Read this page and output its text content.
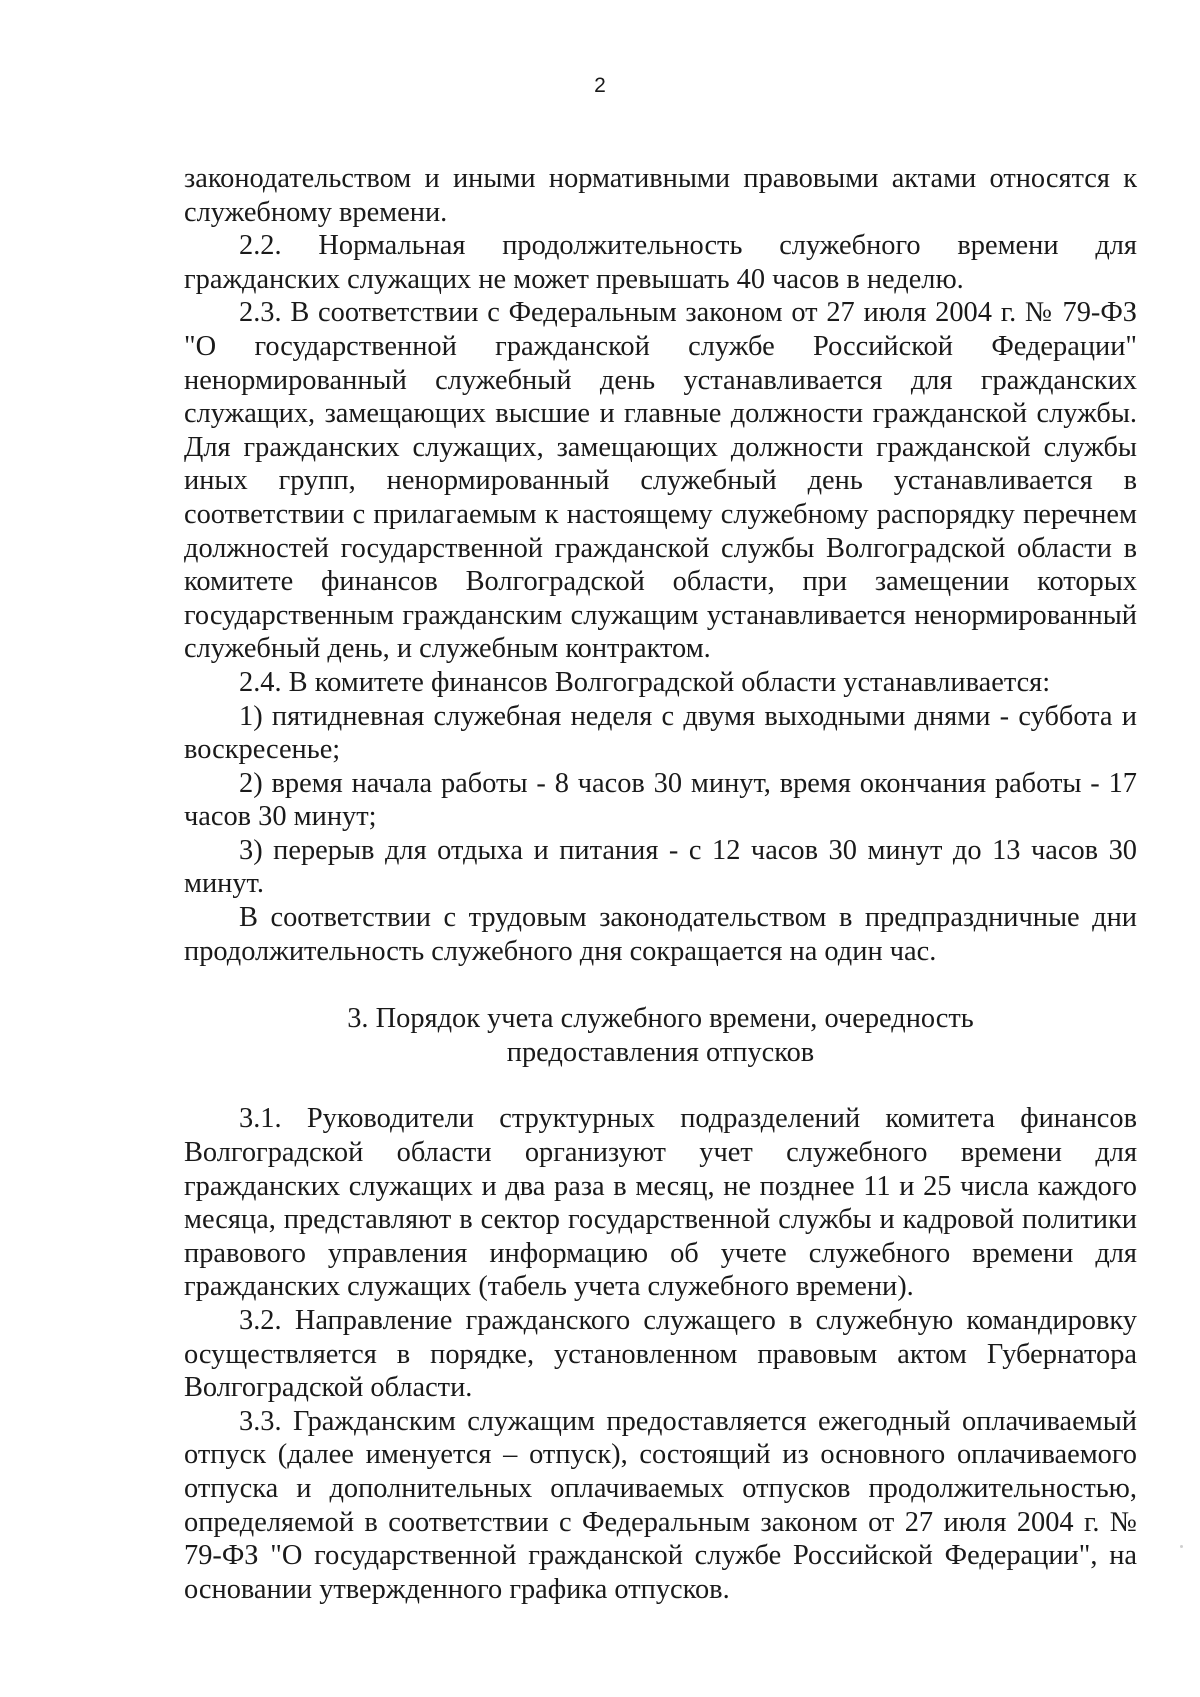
2

законодательством и иными нормативными правовыми актами относятся к служебному времени.

2.2. Нормальная продолжительность служебного времени для гражданских служащих не может превышать 40 часов в неделю.

2.3. В соответствии с Федеральным законом от 27 июля 2004 г. № 79-ФЗ "О государственной гражданской службе Российской Федерации" ненормированный служебный день устанавливается для гражданских служащих, замещающих высшие и главные должности гражданской службы. Для гражданских служащих, замещающих должности гражданской службы иных групп, ненормированный служебный день устанавливается в соответствии с прилагаемым к настоящему служебному распорядку перечнем должностей государственной гражданской службы Волгоградской области в комитете финансов Волгоградской области, при замещении которых государственным гражданским служащим устанавливается ненормированный служебный день, и служебным контрактом.

2.4. В комитете финансов Волгоградской области устанавливается:

1) пятидневная служебная неделя с двумя выходными днями - суббота и воскресенье;

2) время начала работы - 8 часов 30 минут, время окончания работы - 17 часов 30 минут;

3) перерыв для отдыха и питания - с 12 часов 30 минут до 13 часов 30 минут.

В соответствии с трудовым законодательством в предпраздничные дни продолжительность служебного дня сокращается на один час.

3. Порядок учета служебного времени, очередность
предоставления отпусков

3.1. Руководители структурных подразделений комитета финансов Волгоградской области организуют учет служебного времени для гражданских служащих и два раза в месяц, не позднее 11 и 25 числа каждого месяца, представляют в сектор государственной службы и кадровой политики правового управления информацию об учете служебного времени для гражданских служащих (табель учета служебного времени).

3.2. Направление гражданского служащего в служебную командировку осуществляется в порядке, установленном правовым актом Губернатора Волгоградской области.

3.3. Гражданским служащим предоставляется ежегодный оплачиваемый отпуск (далее именуется – отпуск), состоящий из основного оплачиваемого отпуска и дополнительных оплачиваемых отпусков продолжительностью, определяемой в соответствии с Федеральным законом от 27 июля 2004 г. № 79-ФЗ "О государственной гражданской службе Российской Федерации", на основании утвержденного графика отпусков.
